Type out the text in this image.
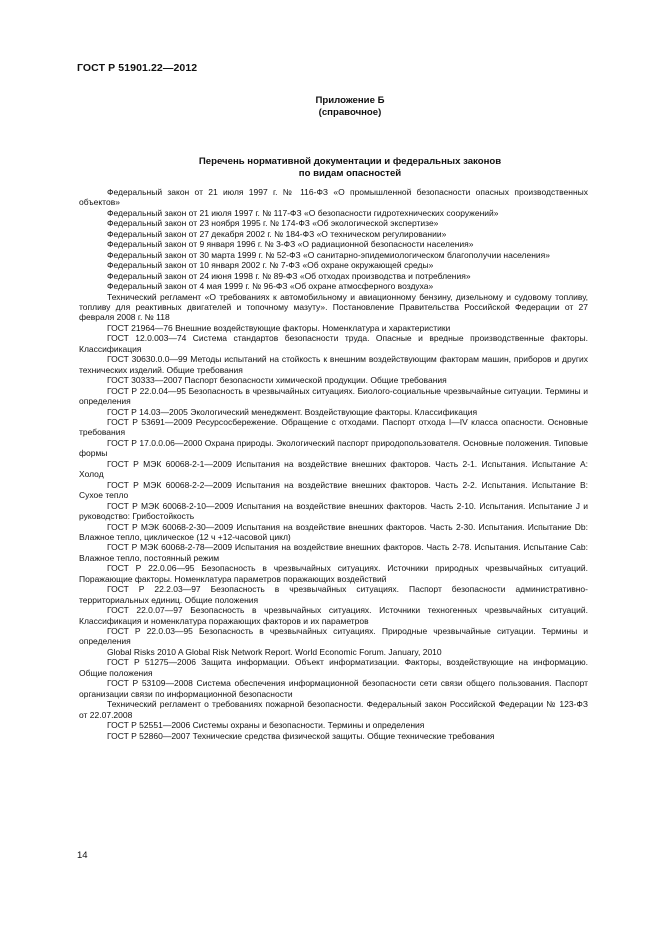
ГОСТ Р 51901.22—2012
Приложение Б
(справочное)
Перечень нормативной документации и федеральных законов
по видам опасностей

Федеральный закон от 21 июля 1997 г. № 116-ФЗ «О промышленной безопасности опасных производственных объектов»

Федеральный закон от 21 июля 1997 г. № 117-ФЗ «О безопасности гидротехнических сооружений»

Федеральный закон от 23 ноября 1995 г. № 174-ФЗ «Об экологической экспертизе»

Федеральный закон от 27 декабря 2002 г. № 184-ФЗ «О техническом регулировании»

Федеральный закон от 9 января 1996 г. № 3-ФЗ «О радиационной безопасности населения»

Федеральный закон от 30 марта 1999 г. № 52-ФЗ «О санитарно-эпидемиологическом благополучии населения»

Федеральный закон от 10 января 2002 г. № 7-ФЗ «Об охране окружающей среды»

Федеральный закон от 24 июня 1998 г. № 89-ФЗ «Об отходах производства и потребления»

Федеральный закон от 4 мая 1999 г. № 96-ФЗ «Об охране атмосферного воздуха»

Технический регламент «О требованиях к автомобильному и авиационному бензину, дизельному и судовому топливу, топливу для реактивных двигателей и топочному мазуту». Постановление Правительства Российской Федерации от 27 февраля 2008 г. № 118

ГОСТ 21964—76 Внешние воздействующие факторы. Номенклатура и характеристики

ГОСТ 12.0.003—74 Система стандартов безопасности труда. Опасные и вредные производственные факторы. Классификация

ГОСТ 30630.0.0—99 Методы испытаний на стойкость к внешним воздействующим факторам машин, приборов и других технических изделий. Общие требования

ГОСТ 30333—2007 Паспорт безопасности химической продукции. Общие требования

ГОСТ Р 22.0.04—95 Безопасность в чрезвычайных ситуациях. Биолого-социальные чрезвычайные ситуации. Термины и определения

ГОСТ Р 14.03—2005 Экологический менеджмент. Воздействующие факторы. Классификация

ГОСТ Р 53691—2009 Ресурсосбережение. Обращение с отходами. Паспорт отхода I—IV класса опасности. Основные требования

ГОСТ Р 17.0.0.06—2000 Охрана природы. Экологический паспорт природопользователя. Основные положения. Типовые формы

ГОСТ Р МЭК 60068-2-1—2009 Испытания на воздействие внешних факторов. Часть 2-1. Испытания. Испытание А: Холод

ГОСТ Р МЭК 60068-2-2—2009 Испытания на воздействие внешних факторов. Часть 2-2. Испытания. Испытание В: Сухое тепло

ГОСТ Р МЭК 60068-2-10—2009 Испытания на воздействие внешних факторов. Часть 2-10. Испытания. Испытание J и руководство: Грибостойкость

ГОСТ Р МЭК 60068-2-30—2009 Испытания на воздействие внешних факторов. Часть 2-30. Испытания. Испытание Db: Влажное тепло, циклическое (12 ч +12-часовой цикл)

ГОСТ Р МЭК 60068-2-78—2009 Испытания на воздействие внешних факторов. Часть 2-78. Испытания. Испытание Cab: Влажное тепло, постоянный режим

ГОСТ Р 22.0.06—95 Безопасность в чрезвычайных ситуациях. Источники природных чрезвычайных ситуаций. Поражающие факторы. Номенклатура параметров поражающих воздействий

ГОСТ Р 22.2.03—97 Безопасность в чрезвычайных ситуациях. Паспорт безопасности административно-территориальных единиц. Общие положения

ГОСТ 22.0.07—97 Безопасность в чрезвычайных ситуациях. Источники техногенных чрезвычайных ситуаций. Классификация и номенклатура поражающих факторов и их параметров

ГОСТ Р 22.0.03—95 Безопасность в чрезвычайных ситуациях. Природные чрезвычайные ситуации. Термины и определения

Global Risks 2010 A Global Risk Network Report. World Economic Forum. January, 2010

ГОСТ Р 51275—2006 Защита информации. Объект информатизации. Факторы, воздействующие на информацию. Общие положения

ГОСТ Р 53109—2008 Система обеспечения информационной безопасности сети связи общего пользования. Паспорт организации связи по информационной безопасности

Технический регламент о требованиях пожарной безопасности. Федеральный закон Российской Федерации № 123-ФЗ от 22.07.2008

ГОСТ Р 52551—2006 Системы охраны и безопасности. Термины и определения

ГОСТ Р 52860—2007 Технические средства физической защиты. Общие технические требования

14
